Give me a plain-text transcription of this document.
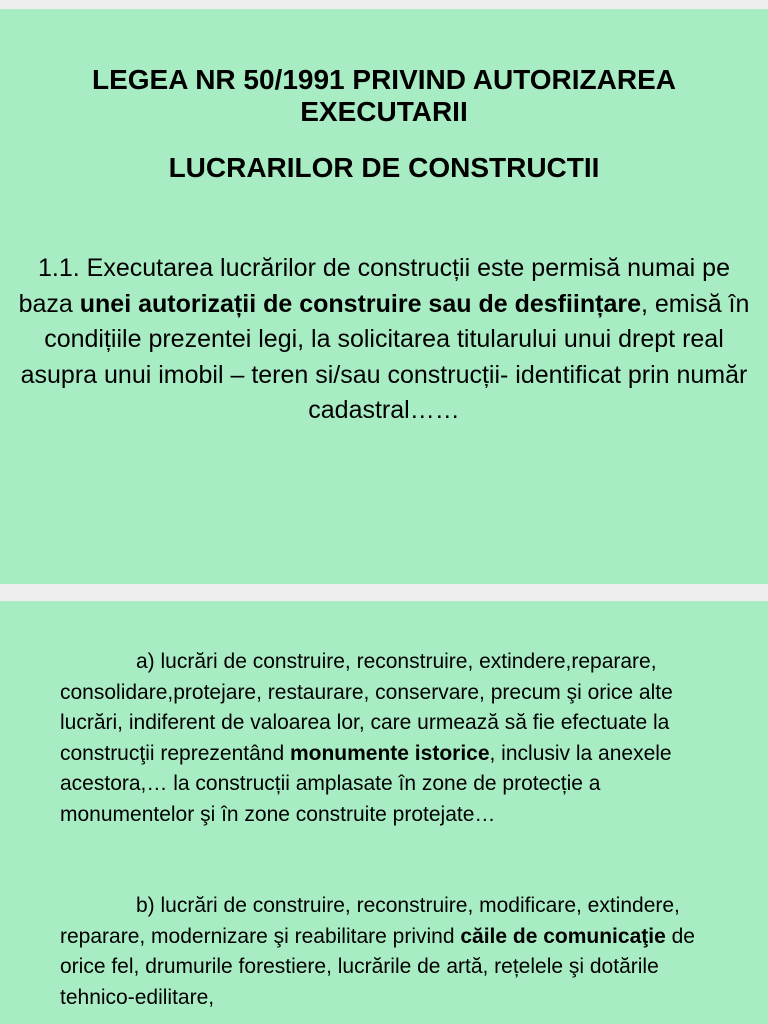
LEGEA NR 50/1991 PRIVIND AUTORIZAREA EXECUTARII
LUCRARILOR DE CONSTRUCTII

1.1. Executarea lucrărilor de construcții este permisă numai pe baza unei autorizații de construire sau de desființare, emisă în condițiile prezentei legi, la solicitarea titularului unui drept real asupra unui imobil – teren si/sau construcții- identificat prin număr cadastral……

a) lucrări de construire, reconstruire, extindere,reparare, consolidare,protejare, restaurare, conservare, precum şi orice alte lucrări, indiferent de valoarea lor, care urmează să fie efectuate la construcţii reprezentând monumente istorice, inclusiv la anexele acestora,… la construcții amplasate în zone de protecție a monumentelor şi în zone construite protejate…

b) lucrări de construire, reconstruire, modificare, extindere, reparare, modernizare şi reabilitare privind căile de comunicaţie de orice fel, drumurile forestiere, lucrările de artă, rețelele şi dotările tehnico-edilitare,
